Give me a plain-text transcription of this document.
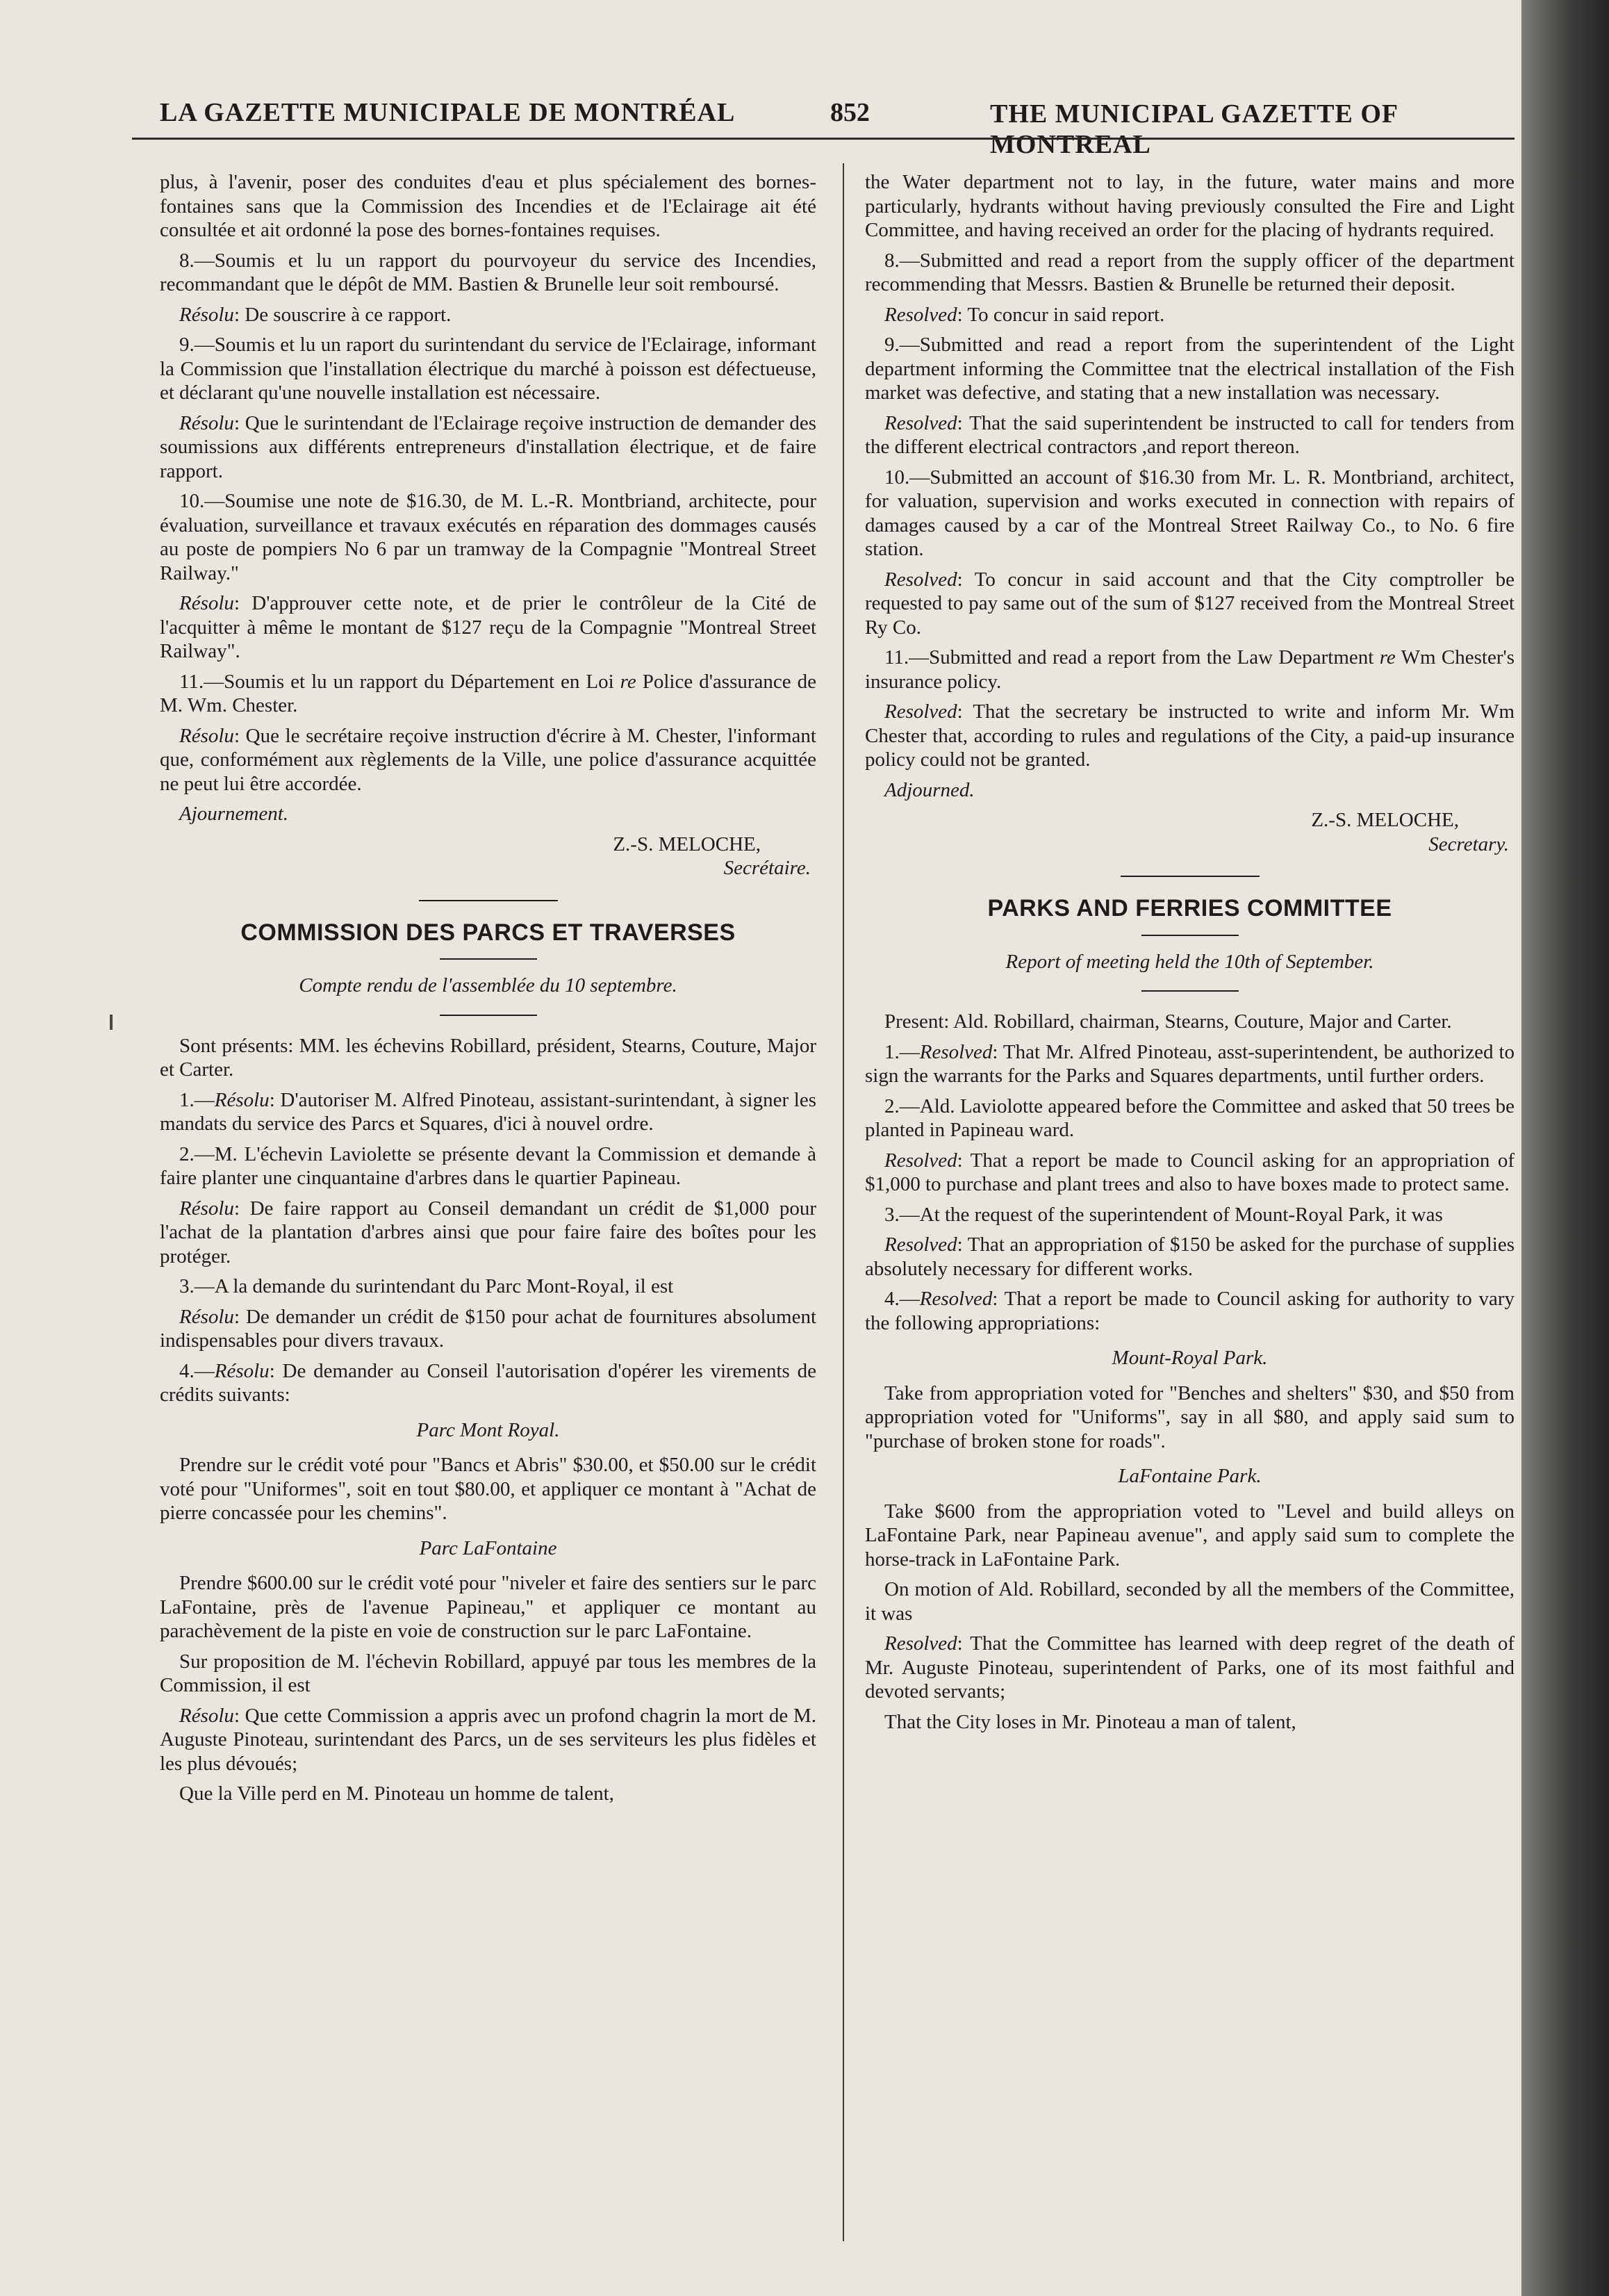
LA GAZETTE MUNICIPALE DE MONTRÉAL	852	THE MUNICIPAL GAZETTE OF MONTREAL

plus, à l'avenir, poser des conduites d'eau et plus spécialement des bornes-fontaines sans que la Commission des Incendies et de l'Eclairage ait été consultée et ait ordonné la pose des bornes-fontaines requises.

8.—Soumis et lu un rapport du pourvoyeur du service des Incendies, recommandant que le dépôt de MM. Bastien & Brunelle leur soit remboursé.

Résolu: De souscrire à ce rapport.

9.—Soumis et lu un raport du surintendant du service de l'Eclairage, informant la Commission que l'installation électrique du marché à poisson est défectueuse, et déclarant qu'une nouvelle installation est nécessaire.

Résolu: Que le surintendant de l'Eclairage reçoive instruction de demander des soumissions aux différents entrepreneurs d'installation électrique, et de faire rapport.

10.—Soumise une note de $16.30, de M. L.-R. Montbriand, architecte, pour évaluation, surveillance et travaux exécutés en réparation des dommages causés au poste de pompiers No 6 par un tramway de la Compagnie "Montreal Street Railway."

Résolu: D'approuver cette note, et de prier le contrôleur de la Cité de l'acquitter à même le montant de $127 reçu de la Compagnie "Montreal Street Railway".

11.—Soumis et lu un rapport du Département en Loi re Police d'assurance de M. Wm. Chester.

Résolu: Que le secrétaire reçoive instruction d'écrire à M. Chester, l'informant que, conformément aux règlements de la Ville, une police d'assurance acquittée ne peut lui être accordée.

Ajournement.

Z.-S. MELOCHE,
Secrétaire.
COMMISSION DES PARCS ET TRAVERSES
Compte rendu de l'assemblée du 10 septembre.

Sont présents: MM. les échevins Robillard, président, Stearns, Couture, Major et Carter.

1.—Résolu: D'autoriser M. Alfred Pinoteau, assistant-surintendant, à signer les mandats du service des Parcs et Squares, d'ici à nouvel ordre.

2.—M. L'échevin Laviolette se présente devant la Commission et demande à faire planter une cinquantaine d'arbres dans le quartier Papineau.

Résolu: De faire rapport au Conseil demandant un crédit de $1,000 pour l'achat de la plantation d'arbres ainsi que pour faire faire des boîtes pour les protéger.

3.—A la demande du surintendant du Parc Mont-Royal, il est

Résolu: De demander un crédit de $150 pour achat de fournitures absolument indispensables pour divers travaux.

4.—Résolu: De demander au Conseil l'autorisation d'opérer les virements de crédits suivants:

Parc Mont Royal.

Prendre sur le crédit voté pour "Bancs et Abris" $30.00, et $50.00 sur le crédit voté pour "Uniformes", soit en tout $80.00, et appliquer ce montant à "Achat de pierre concassée pour les chemins".

Parc LaFontaine

Prendre $600.00 sur le crédit voté pour "niveler et faire des sentiers sur le parc LaFontaine, près de l'avenue Papineau," et appliquer ce montant au parachèvement de la piste en voie de construction sur le parc LaFontaine.

Sur proposition de M. l'échevin Robillard, appuyé par tous les membres de la Commission, il est

Résolu: Que cette Commission a appris avec un profond chagrin la mort de M. Auguste Pinoteau, surintendant des Parcs, un de ses serviteurs les plus fidèles et les plus dévoués;

Que la Ville perd en M. Pinoteau un homme de talent,

the Water department not to lay, in the future, water mains and more particularly, hydrants without having previously consulted the Fire and Light Committee, and having received an order for the placing of hydrants required.

8.—Submitted and read a report from the supply officer of the department recommending that Messrs. Bastien & Brunelle be returned their deposit.

Resolved: To concur in said report.

9.—Submitted and read a report from the superintendent of the Light department informing the Committee tnat the electrical installation of the Fish market was defective, and stating that a new installation was necessary.

Resolved: That the said superintendent be instructed to call for tenders from the different electrical contractors ,and report thereon.

10.—Submitted an account of $16.30 from Mr. L. R. Montbriand, architect, for valuation, supervision and works executed in connection with repairs of damages caused by a car of the Montreal Street Railway Co., to No. 6 fire station.

Resolved: To concur in said account and that the City comptroller be requested to pay same out of the sum of $127 received from the Montreal Street Ry Co.

11.—Submitted and read a report from the Law Department re Wm Chester's insurance policy.

Resolved: That the secretary be instructed to write and inform Mr. Wm Chester that, according to rules and regulations of the City, a paid-up insurance policy could not be granted.

Adjourned.

Z.-S. MELOCHE,
Secretary.
PARKS AND FERRIES COMMITTEE
Report of meeting held the 10th of September.

Present: Ald. Robillard, chairman, Stearns, Couture, Major and Carter.

1.—Resolved: That Mr. Alfred Pinoteau, asst-superintendent, be authorized to sign the warrants for the Parks and Squares departments, until further orders.

2.—Ald. Laviolotte appeared before the Committee and asked that 50 trees be planted in Papineau ward.

Resolved: That a report be made to Council asking for an appropriation of $1,000 to purchase and plant trees and also to have boxes made to protect same.

3.—At the request of the superintendent of Mount-Royal Park, it was

Resolved: That an appropriation of $150 be asked for the purchase of supplies absolutely necessary for different works.

4.—Resolved: That a report be made to Council asking for authority to vary the following appropriations:

Mount-Royal Park.

Take from appropriation voted for "Benches and shelters" $30, and $50 from appropriation voted for "Uniforms", say in all $80, and apply said sum to "purchase of broken stone for roads".

LaFontaine Park.

Take $600 from the appropriation voted to "Level and build alleys on LaFontaine Park, near Papineau avenue", and apply said sum to complete the horse-track in LaFontaine Park.

On motion of Ald. Robillard, seconded by all the members of the Committee, it was

Resolved: That the Committee has learned with deep regret of the death of Mr. Auguste Pinoteau, superintendent of Parks, one of its most faithful and devoted servants;

That the City loses in Mr. Pinoteau a man of talent,
